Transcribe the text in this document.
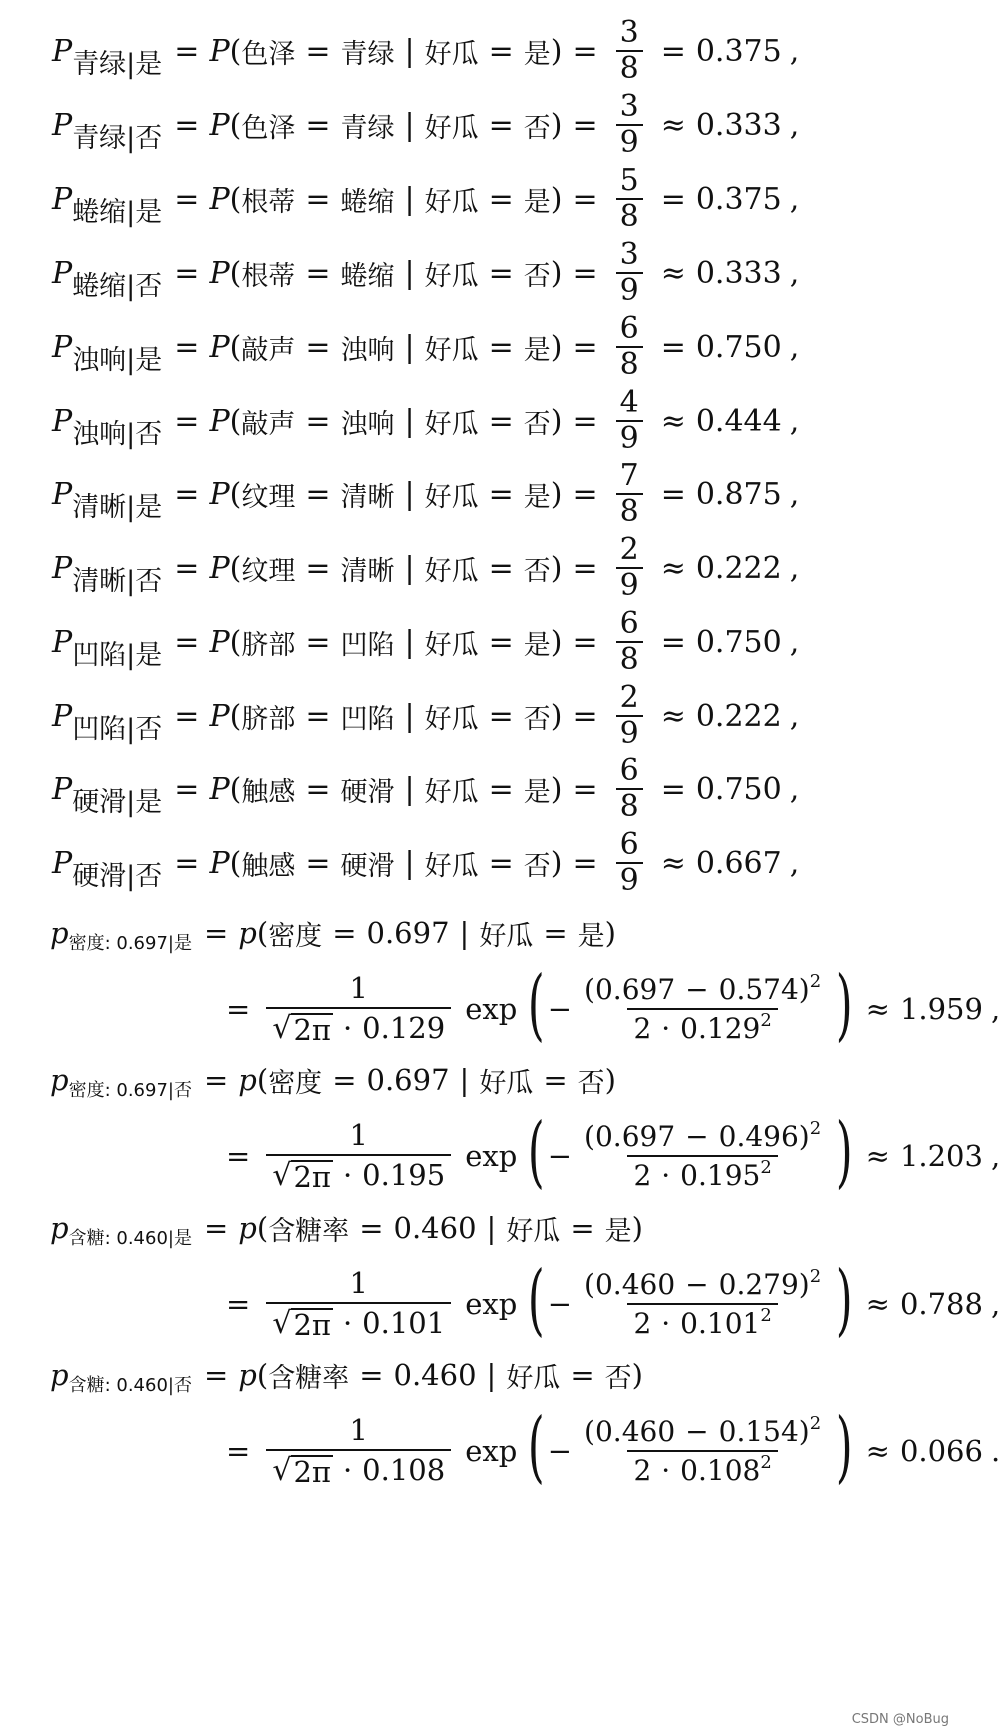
P 青绿|是 = P ( 色泽 = 青绿 | 好瓜 = 是 ) = $\frac{3}{8} = 0.375$ ,
P 青绿|否 = P ( 色泽 = 青绿 | 好瓜 = 否 ) = $\frac{3}{9} \approx 0.333$ ,
P 蜷缩|是 = P ( 根蒂 = 蜷缩 | 好瓜 = 是 ) = $\frac{5}{8} = 0.375$ ,
P 蜷缩|否 = P ( 根蒂 = 蜷缩 | 好瓜 = 否 ) = $\frac{3}{9} \approx 0.333$ ,
P 浊响|是 = P ( 敲声 = 浊响 | 好瓜 = 是 ) = $\frac{6}{8} = 0.750$ ,
P 浊响|否 = P ( 敲声 = 浊响 | 好瓜 = 否 ) = $\frac{4}{9} \approx 0.444$ ,
P 清晰|是 = P ( 纹理 = 清晰 | 好瓜 = 是 ) = $\frac{7}{8} = 0.875$ ,
P 清晰|否 = P ( 纹理 = 清晰 | 好瓜 = 否 ) = $\frac{2}{9} \approx 0.222$ ,
P 凹陷|是 = P ( 脐部 = 凹陷 | 好瓜 = 是 ) = $\frac{6}{8} = 0.750$ ,
P 凹陷|否 = P ( 脐部 = 凹陷 | 好瓜 = 否 ) = $\frac{2}{9} \approx 0.222$ ,
P 硬滑|是 = P ( 触感 = 硬滑 | 好瓜 = 是 ) = $\frac{6}{8} = 0.750$ ,
P 硬滑|否 = P ( 触感 = 硬滑 | 好瓜 = 否 ) = $\frac{6}{9} \approx 0.667$ ,
p 密度: 0.697|是 = p ( 密度 = 0.697 | 好瓜 = 是 )
= $\frac{1}{√ 2\pi \cdot 0.129}$ exp ( − $\frac{(0.697 - 0.574)^2}{2 \cdot 0.129^2}$ ) ≈ 1.959 ,
p 密度: 0.697|否 = p ( 密度 = 0.697 | 好瓜 = 否 )
= $\frac{1}{√ 2\pi \cdot 0.195}$ exp ( − $\frac{(0.697 - 0.496)^2}{2 \cdot 0.195^2}$ ) ≈ 1.203 ,
p 含糖: 0.460|是 = p ( 含糖率 = 0.460 | 好瓜 = 是 )
= $\frac{1}{√ 2\pi \cdot 0.101}$ exp ( − $\frac{(0.460 - 0.279)^2}{2 \cdot 0.101^2}$ ) ≈ 0.788 ,
p 含糖: 0.460|否 = p ( 含糖率 = 0.460 | 好瓜 = 否 )
= $\frac{1}{√ 2\pi \cdot 0.108}$ exp ( − $\frac{(0.460 - 0.154)^2}{2 \cdot 0.108^2}$ ) ≈ 0.066 .
CSDN @NoBug
